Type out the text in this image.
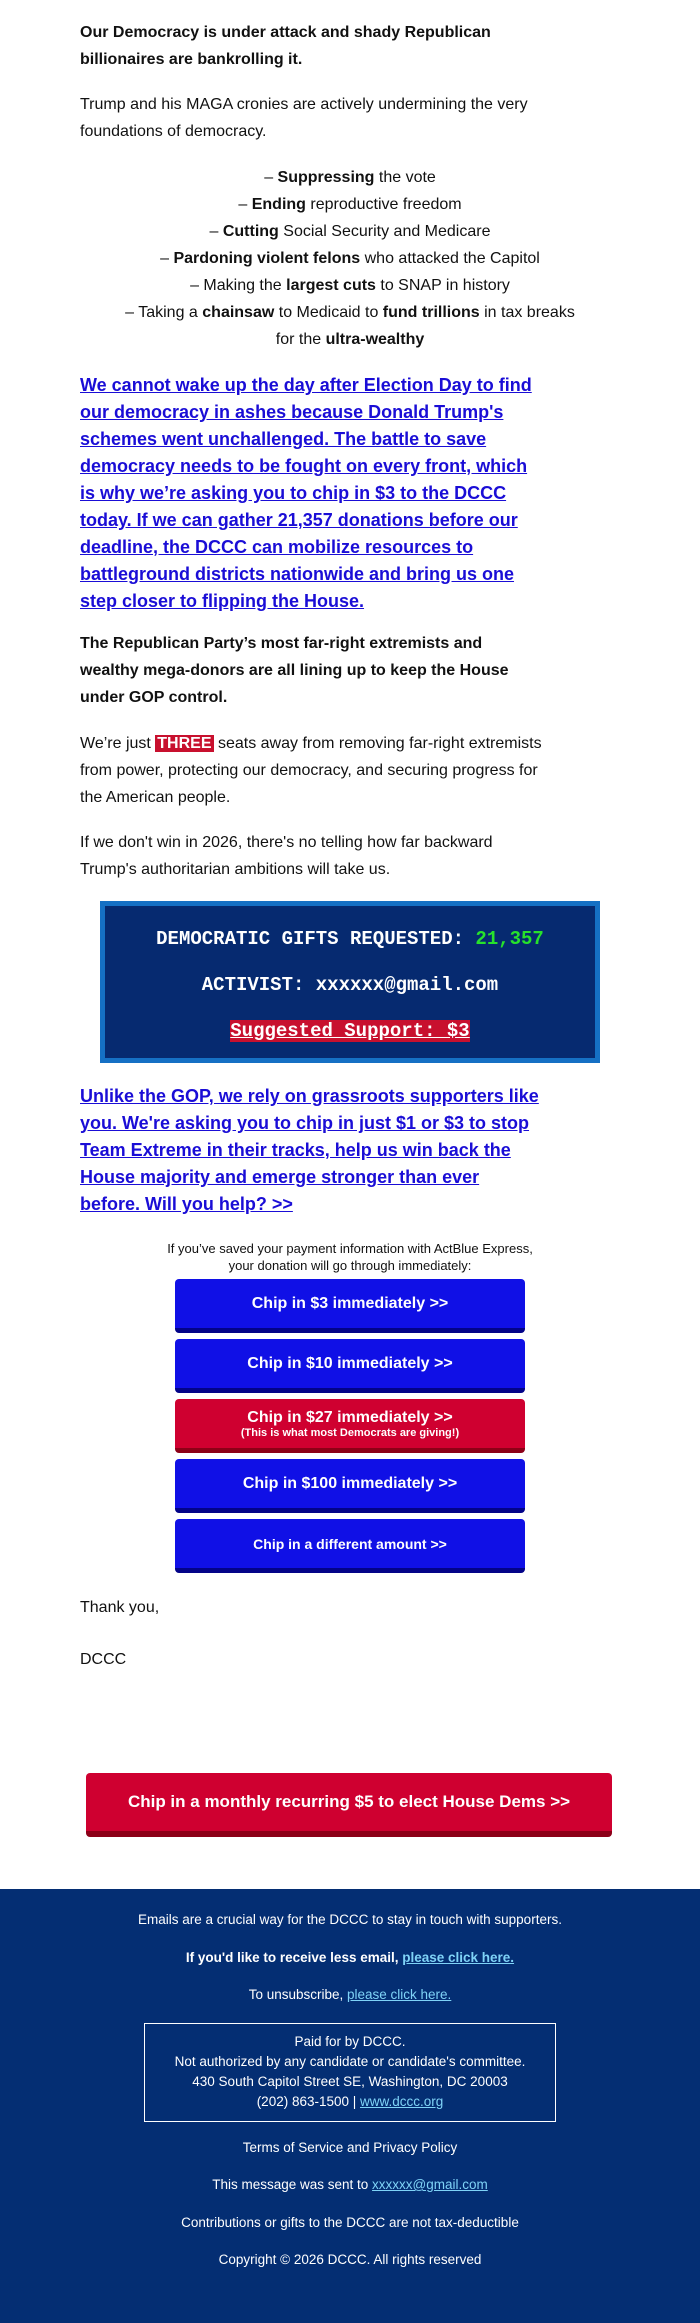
Our Democracy is under attack and shady Republican
billionaires are bankrolling it.
Trump and his MAGA cronies are actively undermining the very
foundations of democracy.
– Suppressing the vote
– Ending reproductive freedom
– Cutting Social Security and Medicare
– Pardoning violent felons who attacked the Capitol
– Making the largest cuts to SNAP in history
– Taking a chainsaw to Medicaid to fund trillions in tax breaks
for the ultra-wealthy
We cannot wake up the day after Election Day to find
our democracy in ashes because Donald Trump's
schemes went unchallenged. The battle to save
democracy needs to be fought on every front, which
is why we’re asking you to chip in $3 to the DCCC
today. If we can gather 21,357 donations before our
deadline, the DCCC can mobilize resources to
battleground districts nationwide and bring us one
step closer to flipping the House.
The Republican Party’s most far-right extremists and
wealthy mega-donors are all lining up to keep the House
under GOP control.
We’re just THREE seats away from removing far-right extremists
from power, protecting our democracy, and securing progress for
the American people.
If we don't win in 2026, there's no telling how far backward
Trump's authoritarian ambitions will take us.
DEMOCRATIC GIFTS REQUESTED: 21,357
ACTIVIST: xxxxxx@gmail.com
Suggested Support: $3
Unlike the GOP, we rely on grassroots supporters like
you. We're asking you to chip in just $1 or $3 to stop
Team Extreme in their tracks, help us win back the
House majority and emerge stronger than ever
before. Will you help? >>
If you’ve saved your payment information with ActBlue Express,
your donation will go through immediately:
Chip in $3 immediately >>
Chip in $10 immediately >>
Chip in $27 immediately >>
(This is what most Democrats are giving!)
Chip in $100 immediately >>
Chip in a different amount >>
Thank you,
DCCC
Chip in a monthly recurring $5 to elect House Dems >>
Emails are a crucial way for the DCCC to stay in touch with supporters.
If you'd like to receive less email, please click here.
To unsubscribe, please click here.
Paid for by DCCC.
Not authorized by any candidate or candidate's committee.
430 South Capitol Street SE, Washington, DC 20003
(202) 863-1500 | www.dccc.org
Terms of Service and Privacy Policy
This message was sent to xxxxxx@gmail.com
Contributions or gifts to the DCCC are not tax-deductible
Copyright © 2026 DCCC. All rights reserved
